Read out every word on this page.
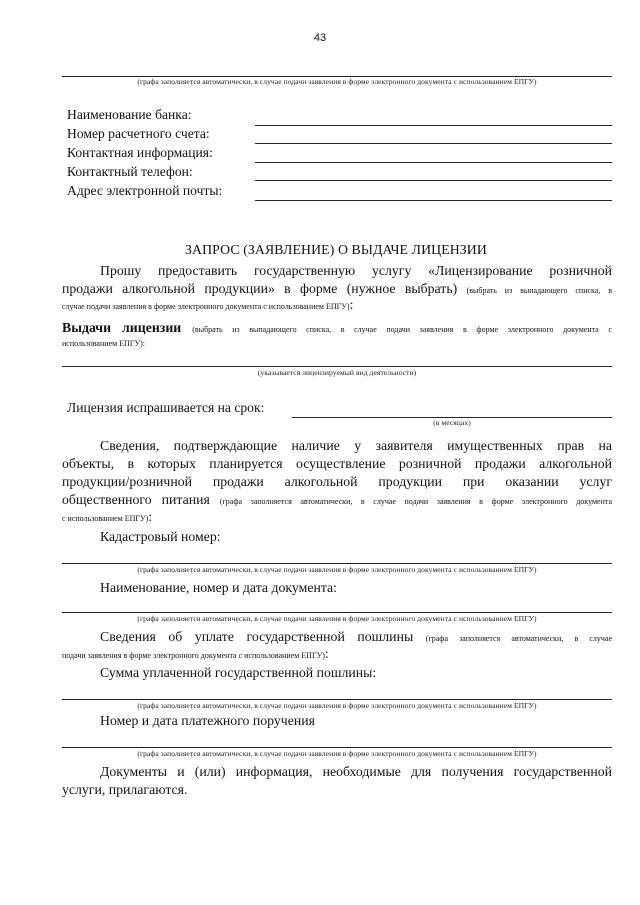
43
(графа заполняется автоматически, в случае подачи заявления в форме электронного документа с использованием ЕПГУ)
Наименование банка:
Номер расчетного счета:
Контактная информация:
Контактный телефон:
Адрес электронной почты:
ЗАПРОС (ЗАЯВЛЕНИЕ) О ВЫДАЧЕ ЛИЦЕНЗИИ
Прошу предоставить государственную услугу «Лицензирование розничной
продажи алкогольной продукции» в форме (нужное выбрать) (выбрать из выпадающего списка, в
случае подачи заявления в форме электронного документа с использованием ЕПГУ):
Выдачи лицензии (выбрать из выпадающего списка, в случае подачи заявления в форме электронного документа с
использованием ЕПГУ):
(указывается лицензируемый вид деятельности)
Лицензия испрашивается на срок:
(в месяцах)
Сведения, подтверждающие наличие у заявителя имущественных прав на
объекты, в которых планируется осуществление розничной продажи алкогольной
продукции/розничной продажи алкогольной продукции при оказании услуг
общественного питания (графа заполняется автоматически, в случае подачи заявления в форме электронного документа
с использованием ЕПГУ):
Кадастровый номер:
(графа заполняется автоматически, в случае подачи заявления в форме электронного документа с использованием ЕПГУ)
Наименование, номер и дата документа:
(графа заполняется автоматически, в случае подачи заявления в форме электронного документа с использованием ЕПГУ)
Сведения об уплате государственной пошлины (графа заполняется автоматически, в случае
подачи заявления в форме электронного документа с использованием ЕПГУ):
Сумма уплаченной государственной пошлины:
(графа заполняется автоматически, в случае подачи заявления в форме электронного документа с использованием ЕПГУ)
Номер и дата платежного поручения
(графа заполняется автоматически, в случае подачи заявления в форме электронного документа с использованием ЕПГУ)
Документы и (или) информация, необходимые для получения государственной
услуги, прилагаются.
